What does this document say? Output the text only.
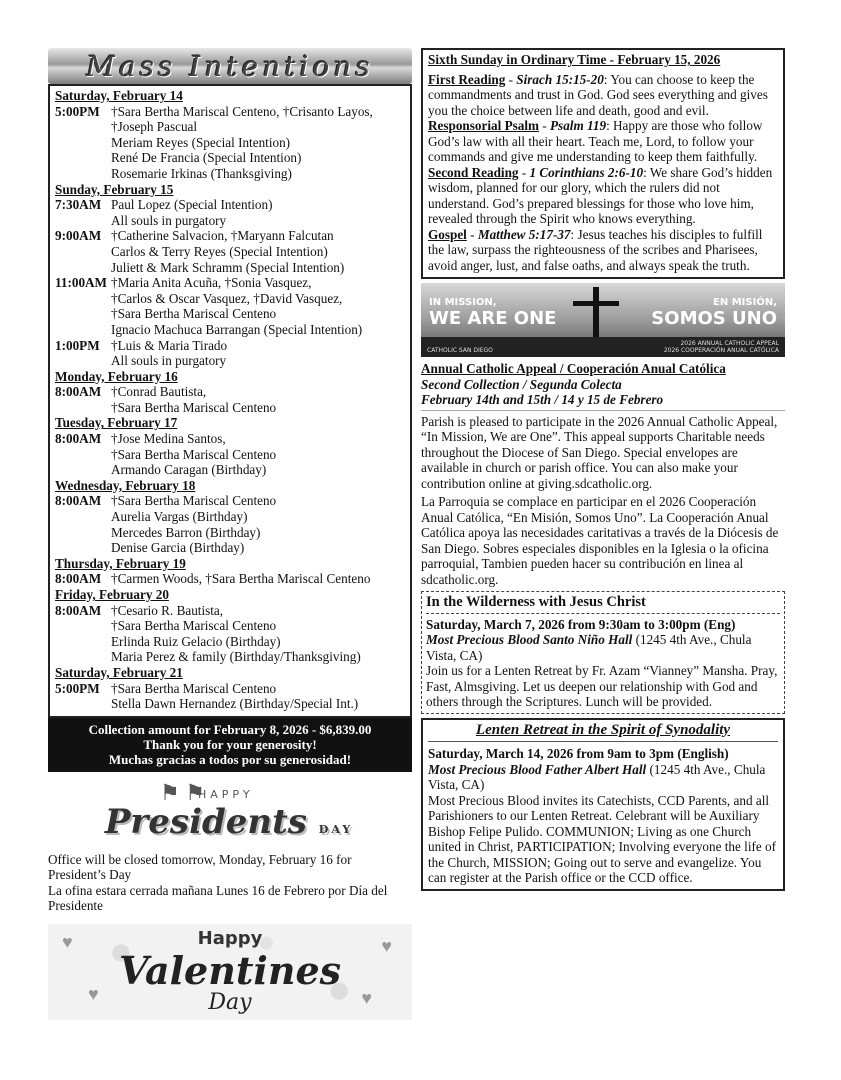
Mass Intentions
Saturday, February 14
5:00PM †Sara Bertha Mariscal Centeno, †Crisanto Layos,
†Joseph Pascual
Meriam Reyes (Special Intention)
René De Francia (Special Intention)
Rosemarie Irkinas (Thanksgiving)
Sunday, February 15
7:30AM Paul Lopez (Special Intention)
All souls in purgatory
9:00AM †Catherine Salvacion, †Maryann Falcutan
Carlos & Terry Reyes (Special Intention)
Juliett & Mark Schramm (Special Intention)
11:00AM †Maria Anita Acuña, †Sonia Vasquez,
†Carlos & Oscar Vasquez, †David Vasquez,
†Sara Bertha Mariscal Centeno
Ignacio Machuca Barrangan (Special Intention)
1:00PM †Luis & Maria Tirado
All souls in purgatory
Monday, February 16
8:00AM †Conrad Bautista,
†Sara Bertha Mariscal Centeno
Tuesday, February 17
8:00AM †Jose Medina Santos,
†Sara Bertha Mariscal Centeno
Armando Caragan (Birthday)
Wednesday, February 18
8:00AM †Sara Bertha Mariscal Centeno
Aurelia Vargas (Birthday)
Mercedes Barron (Birthday)
Denise Garcia (Birthday)
Thursday, February 19
8:00AM †Carmen Woods, †Sara Bertha Mariscal Centeno
Friday, February 20
8:00AM †Cesario R. Bautista,
†Sara Bertha Mariscal Centeno
Erlinda Ruiz Gelacio (Birthday)
Maria Perez & family (Birthday/Thanksgiving)
Saturday, February 21
5:00PM †Sara Bertha Mariscal Centeno
Stella Dawn Hernandez (Birthday/Special Int.)
Collection amount for February 8, 2026 - $6,839.00
Thank you for your generosity!
Muchas gracias a todos por su generosidad!
⚑ ⚑
HAPPY
Presidents DAY
Office will be closed tomorrow, Monday, February 16 for President’s Day
La ofina estara cerrada mañana Lunes 16 de Febrero por Día del Presidente
♥
♥
♥
♥
Happy
Valentines
Day

Sixth Sunday in Ordinary Time - February 15, 2026

First Reading - Sirach 15:15-20: You can choose to keep the commandments and trust in God. God sees everything and gives you the choice between life and death, good and evil.

Responsorial Psalm - Psalm 119: Happy are those who follow God’s law with all their heart. Teach me, Lord, to follow your commands and give me understanding to keep them faithfully.

Second Reading - 1 Corinthians 2:6-10: We share God’s hidden wisdom, planned for our glory, which the rulers did not understand. God’s prepared blessings for those who love him, revealed through the Spirit who knows everything.

Gospel - Matthew 5:17-37: Jesus teaches his disciples to fulfill the law, surpass the righteousness of the scribes and Pharisees, avoid anger, lust, and false oaths, and always speak the truth.

IN MISSION,
WE ARE ONE
EN MISIÓN,
SOMOS UNO
CATHOLIC SAN DIEGO
2026 ANNUAL CATHOLIC APPEAL
2026 COOPERACIÓN ANUAL CATÓLICA

Annual Catholic Appeal / Cooperación Anual Católica

Second Collection / Segunda Colecta

February 14th and 15th / 14 y 15 de Febrero

Parish is pleased to participate in the 2026 Annual Catholic Appeal, “In Mission, We are One”. This appeal supports Charitable needs throughout the Diocese of San Diego. Special envelopes are available in church or parish office. You can also make your contribution online at giving.sdcatholic.org.

La Parroquia se complace en participar en el 2026 Cooperación Anual Católica, “En Misión, Somos Uno”. La Cooperación Anual Católica apoya las necesidades caritativas a través de la Diócesis de San Diego. Sobres especiales disponibles en la Iglesia o la oficina parroquial, Tambien pueden hacer su contribución en linea al sdcatholic.org.

In the Wilderness with Jesus Christ
Saturday, March 7, 2026 from 9:30am to 3:00pm (Eng)
Most Precious Blood Santo Niño Hall (1245 4th Ave., Chula Vista, CA)
Join us for a Lenten Retreat by Fr. Azam “Vianney” Mansha. Pray, Fast, Almsgiving. Let us deepen our relationship with God and others through the Scriptures. Lunch will be provided.
Lenten Retreat in the Spirit of Synodality
Saturday, March 14, 2026 from 9am to 3pm (English)
Most Precious Blood Father Albert Hall (1245 4th Ave., Chula Vista, CA)
Most Precious Blood invites its Catechists, CCD Parents, and all Parishioners to our Lenten Retreat. Celebrant will be Auxiliary Bishop Felipe Pulido. COMMUNION; Living as one Church united in Christ, PARTICIPATION; Involving everyone the life of the Church, MISSION; Going out to serve and evangelize. You can register at the Parish office or the CCD office.
